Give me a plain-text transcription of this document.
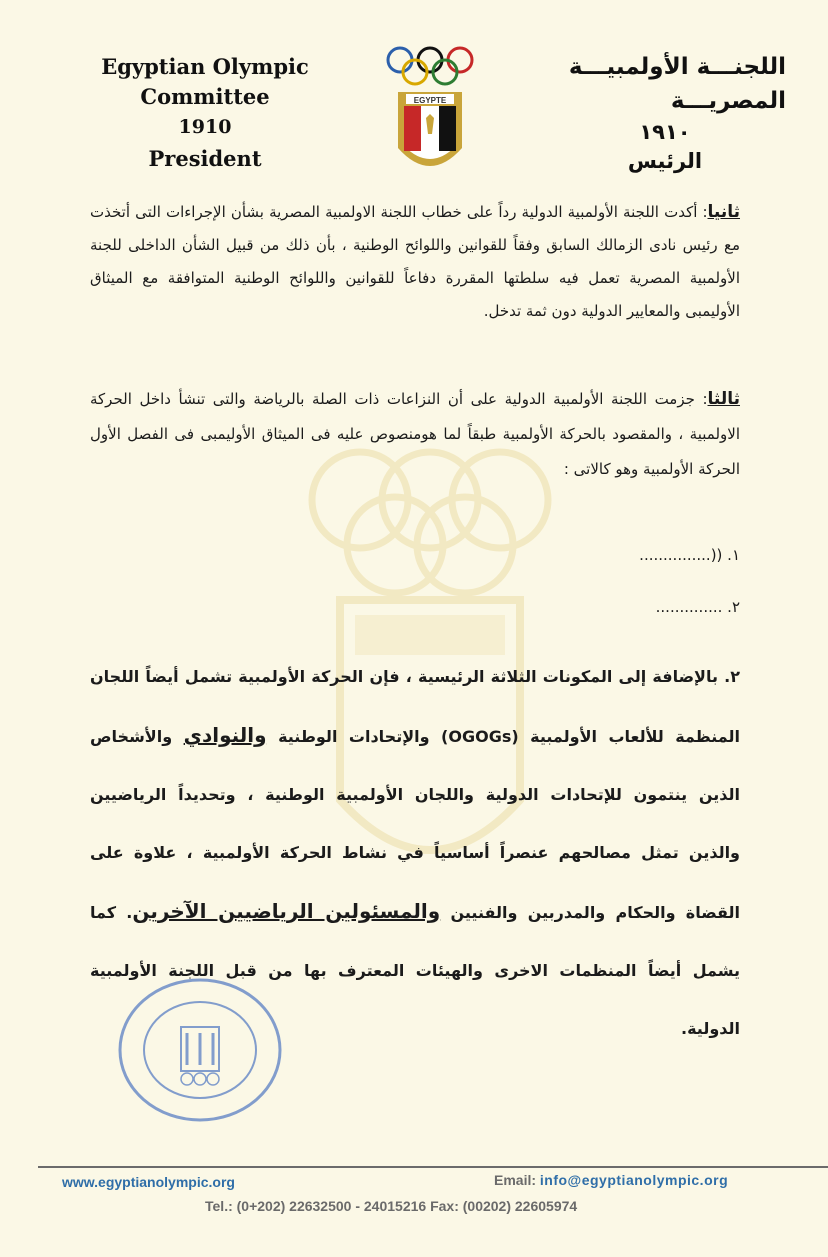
Egyptian Olympic Committee
1910
President
EGYPTE
اللجنـــة الأولمبيـــة المصريـــة
١٩١٠
الرئيس
ثانيا: أكدت اللجنة الأولمبية الدولية رداً على خطاب اللجنة الاولمبية المصرية بشأن الإجراءات التى أتخذت مع رئيس نادى الزمالك السابق وفقاً للقوانين واللوائح الوطنية ، بأن ذلك من قبيل الشأن الداخلى للجنة الأولمبية المصرية تعمل فيه سلطتها المقررة دفاعاً للقوانين واللوائح الوطنية المتوافقة مع الميثاق الأوليمبى والمعايير الدولية دون ثمة تدخل.
ثالثا: جزمت اللجنة الأولمبية الدولية على أن النزاعات ذات الصلة بالرياضة والتى تنشأ داخل الحركة الاولمبية ، والمقصود بالحركة الأولمبية طبقاً لما هومنصوص عليه فى الميثاق الأوليمبى فى الفصل الأول الحركة الأولمبية وهو كالاتى :
١. ((...............
٢. ..............
٢. بالإضافة إلى المكونات الثلاثة الرئيسية ، فإن الحركة الأولمبية تشمل أيضاً اللجان المنظمة للألعاب الأولمبية (OGOGs) والإتحادات الوطنية والنوادي والأشخاص الذين ينتمون للإتحادات الدولية واللجان الأولمبية الوطنية ، وتحديداً الرياضيين والذين تمثل مصالحهم عنصراً أساسياً في نشاط الحركة الأولمبية ، علاوة على القضاة والحكام والمدربين والفنيين والمسئولين الرياضيين الآخرين. كما يشمل أيضاً المنظمات الاخرى والهيئات المعترف بها من قبل اللجنة الأولمبية الدولية.
www.egyptianolympic.org	Email: info@egyptianolympic.org
Tel.: (0+202) 22632500 - 24015216 Fax: (00202) 22605974
